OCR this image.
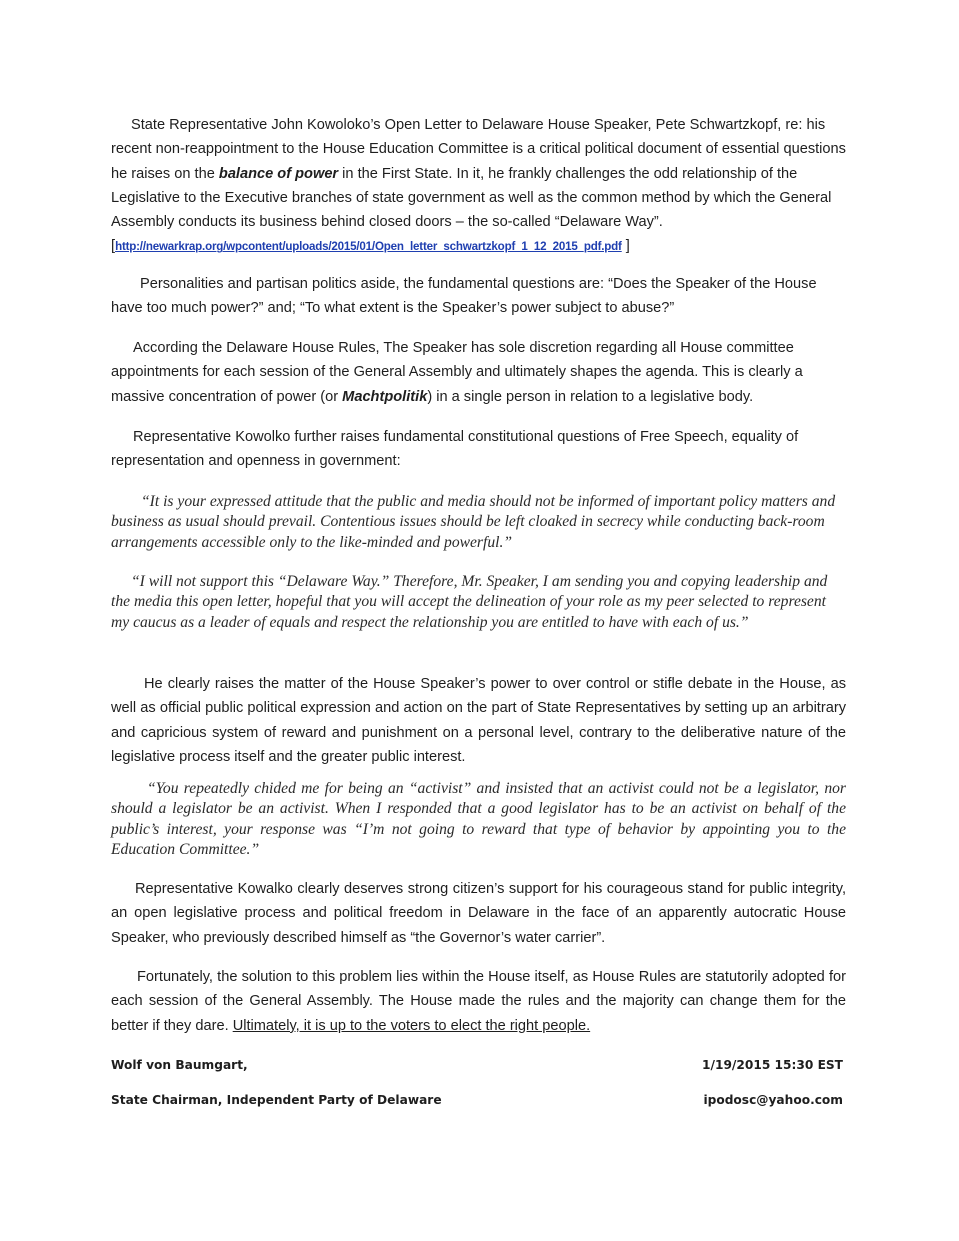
State Representative John Kowoloko’s Open Letter to Delaware House Speaker, Pete Schwartzkopf, re: his recent non-reappointment to the House Education Committee is a critical political document of essential questions he raises on the balance of power in the First State. In it, he frankly challenges the odd relationship of the Legislative to the Executive branches of state government as well as the common method by which the General Assembly conducts its business behind closed doors – the so-called “Delaware Way”. [http://newarkrap.org/wpcontent/uploads/2015/01/Open_letter_schwartzkopf_1_12_2015_pdf.pdf ]

Personalities and partisan politics aside, the fundamental questions are: “Does the Speaker of the House have too much power?” and; “To what extent is the Speaker’s power subject to abuse?”

According the Delaware House Rules, The Speaker has sole discretion regarding all House committee appointments for each session of the General Assembly and ultimately shapes the agenda. This is clearly a massive concentration of power (or Machtpolitik) in a single person in relation to a legislative body.

Representative Kowolko further raises fundamental constitutional questions of Free Speech, equality of representation and openness in government:

“It is your expressed attitude that the public and media should not be informed of important policy matters and business as usual should prevail. Contentious issues should be left cloaked in secrecy while conducting back-room arrangements accessible only to the like-minded and powerful.”

“I will not support this “Delaware Way.” Therefore, Mr. Speaker, I am sending you and copying leadership and the media this open letter, hopeful that you will accept the delineation of your role as my peer selected to represent my caucus as a leader of equals and respect the relationship you are entitled to have with each of us.”

He clearly raises the matter of the House Speaker’s power to over control or stifle debate in the House, as well as official public political expression and action on the part of State Representatives by setting up an arbitrary and capricious system of reward and punishment on a personal level, contrary to the deliberative nature of the legislative process itself and the greater public interest.

“You repeatedly chided me for being an “activist” and insisted that an activist could not be a legislator, nor should a legislator be an activist. When I responded that a good legislator has to be an activist on behalf of the public’s interest, your response was “I’m not going to reward that type of behavior by appointing you to the Education Committee.”

Representative Kowalko clearly deserves strong citizen’s support for his courageous stand for public integrity, an open legislative process and political freedom in Delaware in the face of an apparently autocratic House Speaker, who previously described himself as “the Governor’s water carrier”.

Fortunately, the solution to this problem lies within the House itself, as House Rules are statutorily adopted for each session of the General Assembly. The House made the rules and the majority can change them for the better if they dare. Ultimately, it is up to the voters to elect the right people.

Wolf von Baumgart,

State Chairman, Independent Party of Delaware

1/19/2015 15:30 EST

ipodosc@yahoo.com
